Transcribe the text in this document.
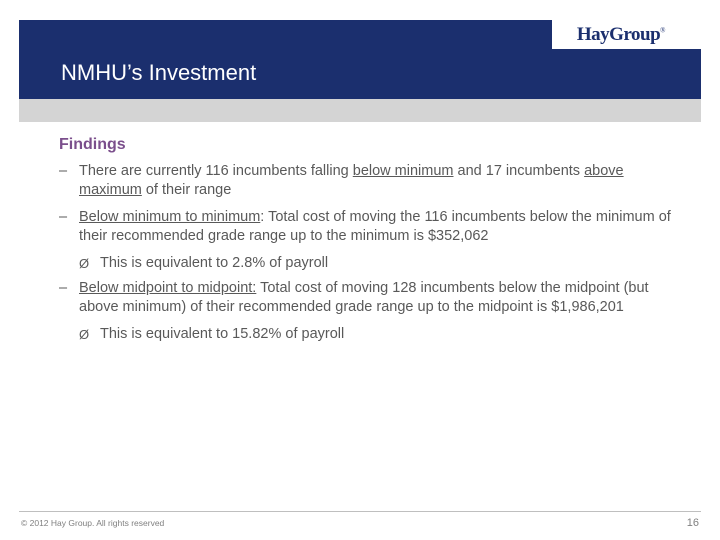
HayGroup®
NMHU’s Investment
Findings
– There are currently 116 incumbents falling below minimum and 17 incumbents above maximum of their range
– Below minimum to minimum: Total cost of moving the 116 incumbents below the minimum of their recommended grade range up to the minimum is $352,062
Ø This is equivalent to 2.8% of payroll
– Below midpoint to midpoint: Total cost of moving 128 incumbents below the midpoint (but above minimum) of their recommended grade range up to the midpoint is $1,986,201
Ø This is equivalent to 15.82% of payroll
© 2012 Hay Group. All rights reserved	16
